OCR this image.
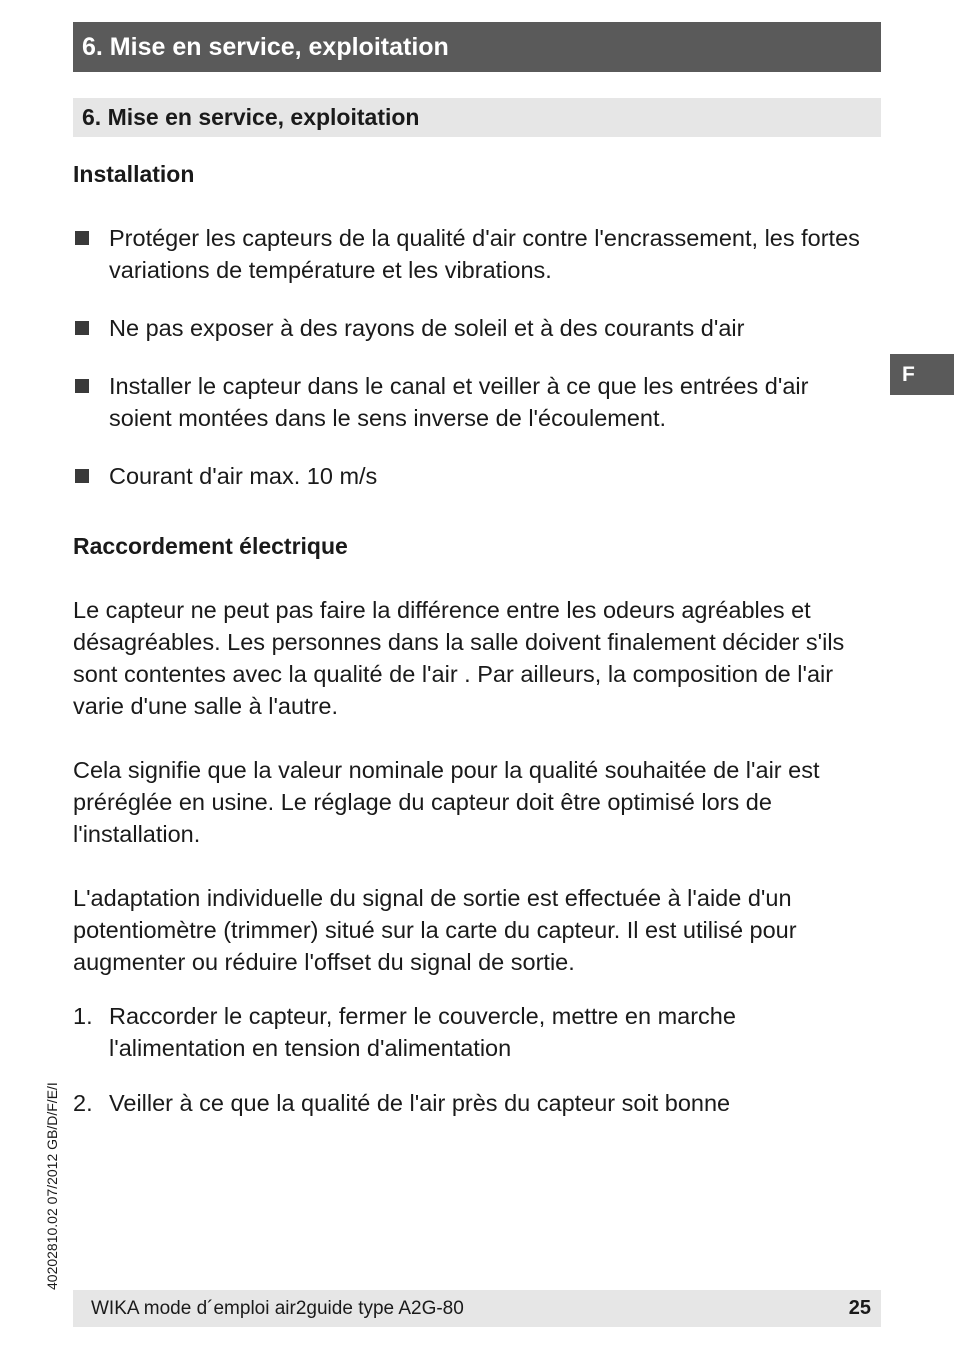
6. Mise en service, exploitation
6. Mise en service, exploitation
F

Installation

Protéger les capteurs de la qualité d'air contre l'encrassement, les fortes variations de température et les vibrations.
Ne pas exposer à des rayons de soleil et à des courants d'air
Installer le capteur dans le canal et veiller à ce que les entrées d'air soient montées dans le sens inverse de l'écoulement.
Courant d'air max. 10 m/s

Raccordement électrique

Le capteur ne peut pas faire la différence entre les odeurs agréables et désagréables. Les personnes dans la salle doivent finalement décider s'ils sont contentes avec la qualité de l'air . Par ailleurs, la composition de l'air varie d'une salle à l'autre.

Cela signifie que la valeur nominale pour la qualité souhaitée de l'air est préréglée en usine. Le réglage du capteur doit être optimisé lors de l'installation.

L'adaptation individuelle du signal de sortie est effectuée à l'aide d'un potentiomètre (trimmer) situé sur la carte du capteur. Il est utilisé pour augmenter ou réduire l'offset du signal de sortie.

1. Raccorder le capteur, fermer le couvercle, mettre en marche l'alimentation en tension d'alimentation
2. Veiller à ce que la qualité de l'air près du capteur soit bonne
40202810.02 07/2012 GB/D/F/E/I
WIKA mode d´emploi air2guide type A2G-80	25
